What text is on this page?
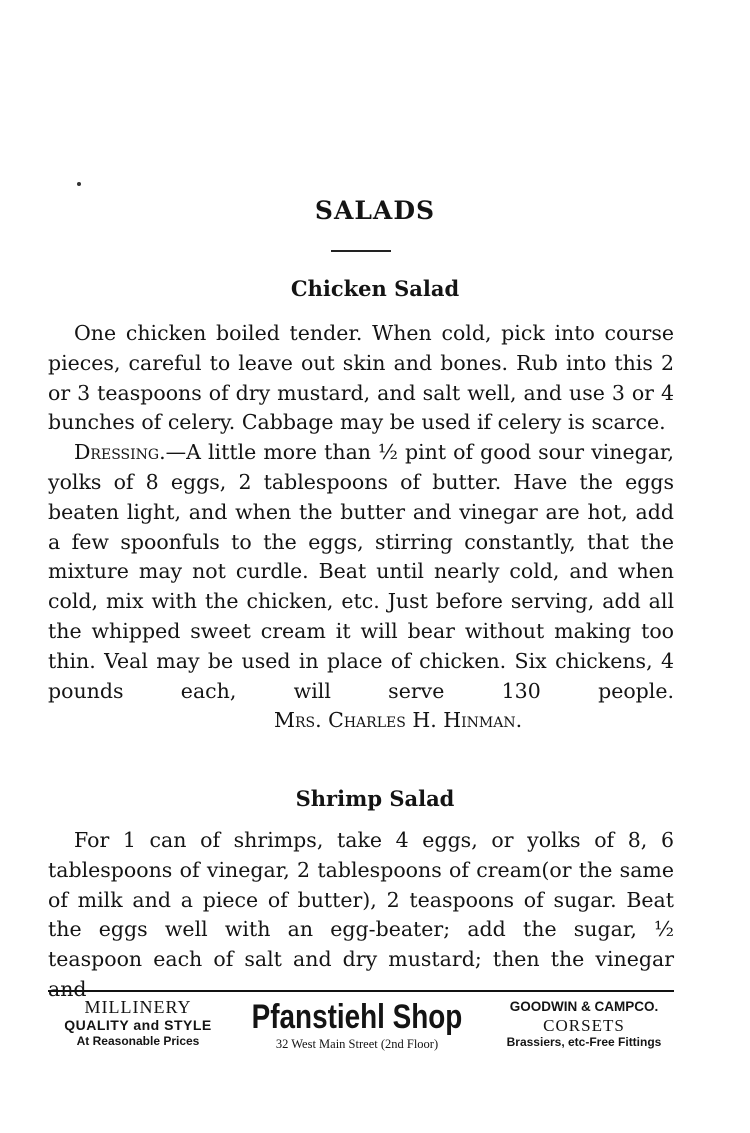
SALADS
Chicken Salad

One chicken boiled tender. When cold, pick into course pieces, careful to leave out skin and bones. Rub into this 2 or 3 teaspoons of dry mustard, and salt well, and use 3 or 4 bunches of celery. Cabbage may be used if celery is scarce.

Dressing.—A little more than ½ pint of good sour vinegar, yolks of 8 eggs, 2 tablespoons of butter. Have the eggs beaten light, and when the butter and vinegar are hot, add a few spoonfuls to the eggs, stirring constantly, that the mixture may not curdle. Beat until nearly cold, and when cold, mix with the chicken, etc. Just before serving, add all the whipped sweet cream it will bear without making too thin. Veal may be used in place of chicken. Six chickens, 4 pounds each, will serve 130 people. Mrs. Charles H. Hinman.

Shrimp Salad

For 1 can of shrimps, take 4 eggs, or yolks of 8, 6 tablespoons of vinegar, 2 tablespoons of cream(or the same of milk and a piece of butter), 2 teaspoons of sugar. Beat the eggs well with an egg-beater; add the sugar, ½ teaspoon each of salt and dry mustard; then the vinegar and

MILLINERY
QUALITY and STYLE
At Reasonable Prices
Pfanstiehl Shop
32 West Main Street (2nd Floor)
GOODWIN & CAMPCO.
CORSETS
Brassiers, etc-Free Fittings
